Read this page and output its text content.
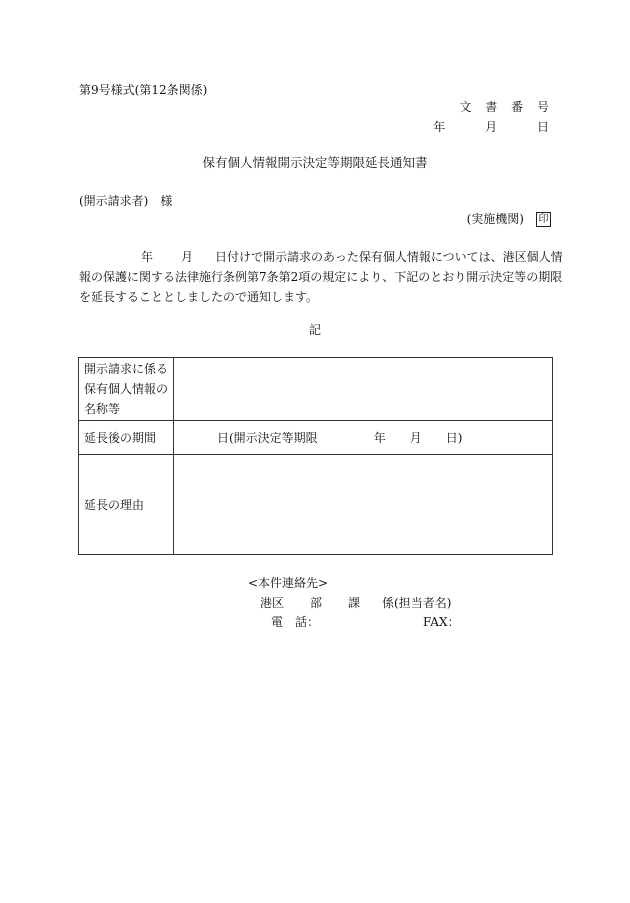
第9号様式(第12条関係)
文 書 番 号
年	月	日
保有個人情報開示決定等期限延長通知書
(開示請求者) 様
(実施機関) 印
年 月 日付けで開示請求のあった保有個人情報については、港区個人情
報の保護に関する法律施行条例第7条第2項の規定により、下記のとおり開示決定等の期限
を延長することとしましたので通知します。
記
開示請求に係る
保有個人情報の
名称等	

延長後の期間	日(開示決定等期限 年 月 日)
延長の理由	
<本件連絡先>
港区 部 課 係(担当者名)
電　話：	FAX：
